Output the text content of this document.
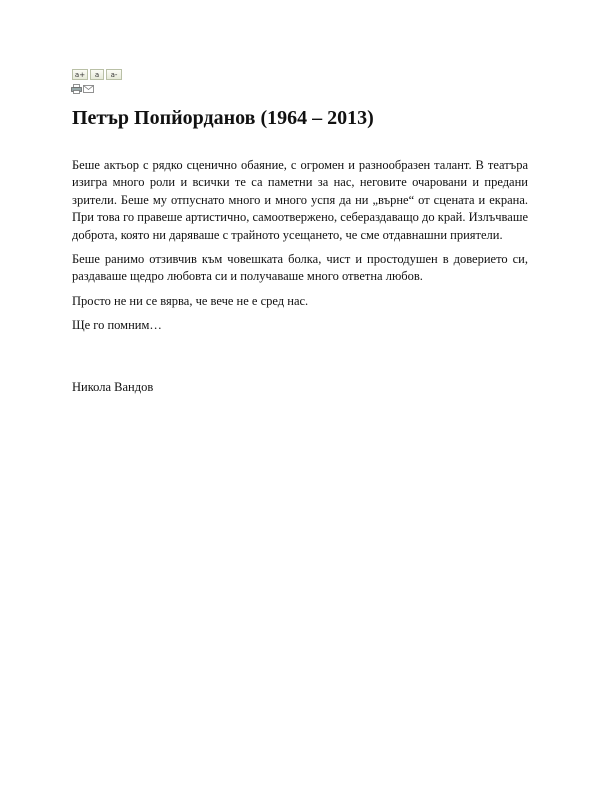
a+	a	a-
Петър Попйорданов (1964 – 2013)

Беше актьор с рядко сценично обаяние, с огромен и разнообразен талант. В театъра изигра много роли и всички те са паметни за нас, неговите очаровани и предани зрители. Беше му отпуснато много и много успя да ни „върне“ от сцената и екрана. При това го правеше артистично, самоотвержено, себераздаващо до край. Излъчваше доброта, която ни даряваше с трайното усещането, че сме отдавнашни приятели.

Беше ранимо отзивчив към човешката болка, чист и простодушен в доверието си, раздаваше щедро любовта си и получаваше много ответна любов.

Просто не ни се вярва, че вече не е сред нас.

Ще го помним…

Никола Вандов
